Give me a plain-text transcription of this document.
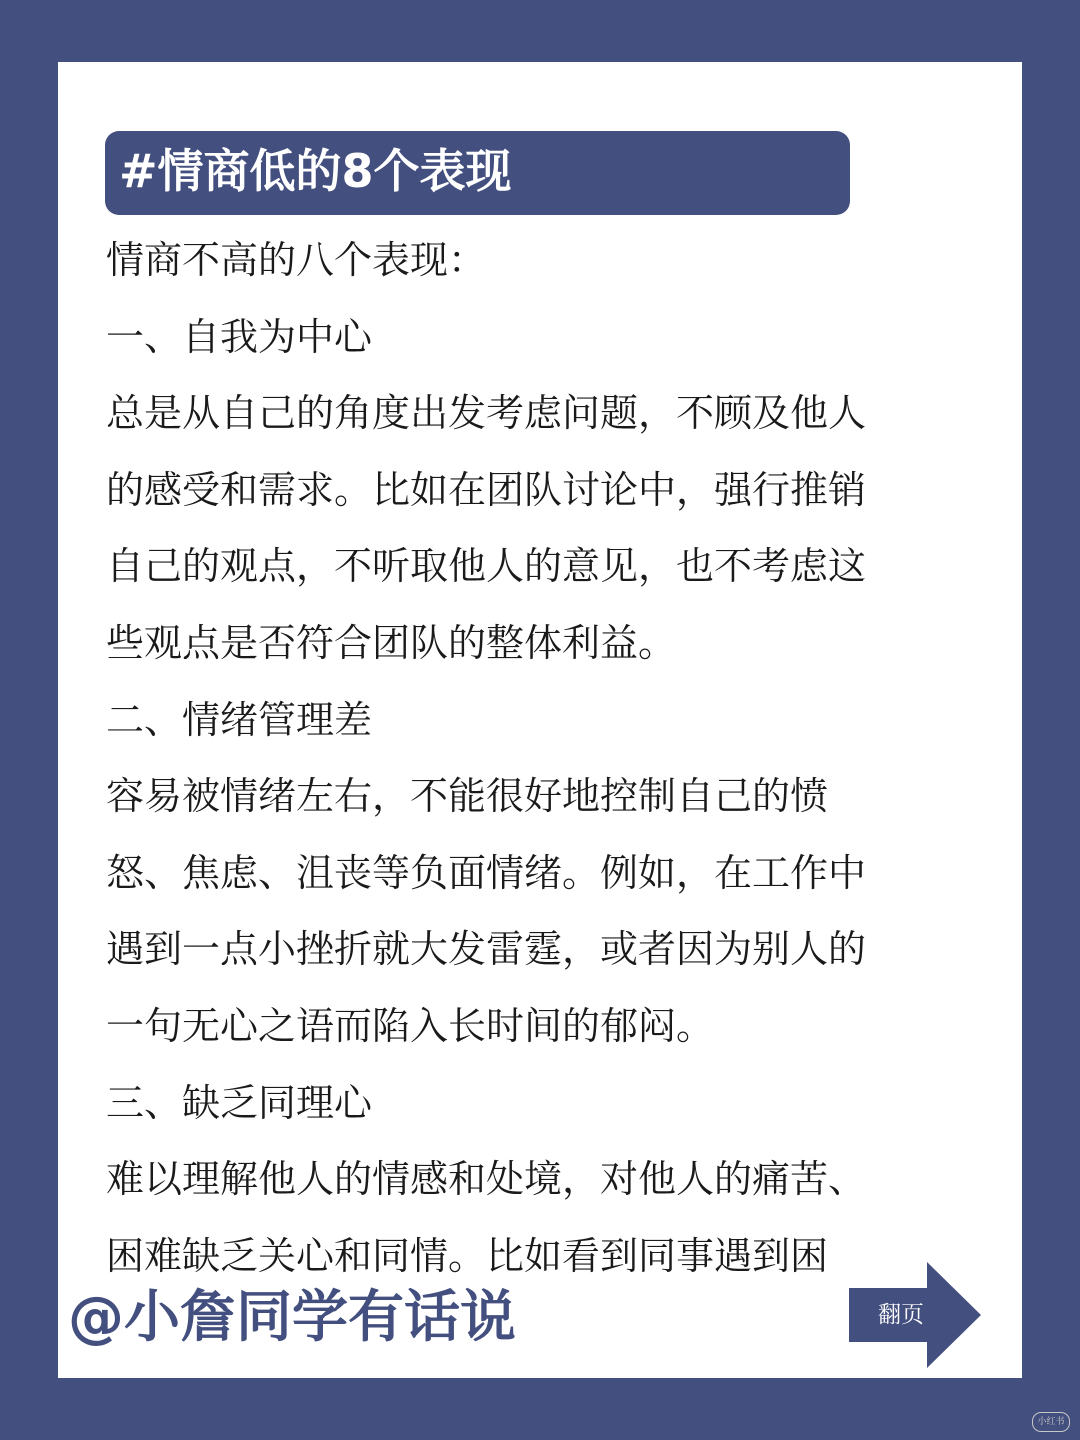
#情商低的8个表现
情商不高的八个表现：
一、自我为中心
总是从自己的角度出发考虑问题，不顾及他人
的感受和需求。比如在团队讨论中，强行推销
自己的观点，不听取他人的意见，也不考虑这
些观点是否符合团队的整体利益。
二、情绪管理差
容易被情绪左右，不能很好地控制自己的愤
怒、焦虑、沮丧等负面情绪。例如，在工作中
遇到一点小挫折就大发雷霆，或者因为别人的
一句无心之语而陷入长时间的郁闷。
三、缺乏同理心
难以理解他人的情感和处境，对他人的痛苦、
困难缺乏关心和同情。比如看到同事遇到困
@小詹同学有话说	翻页
小红书
